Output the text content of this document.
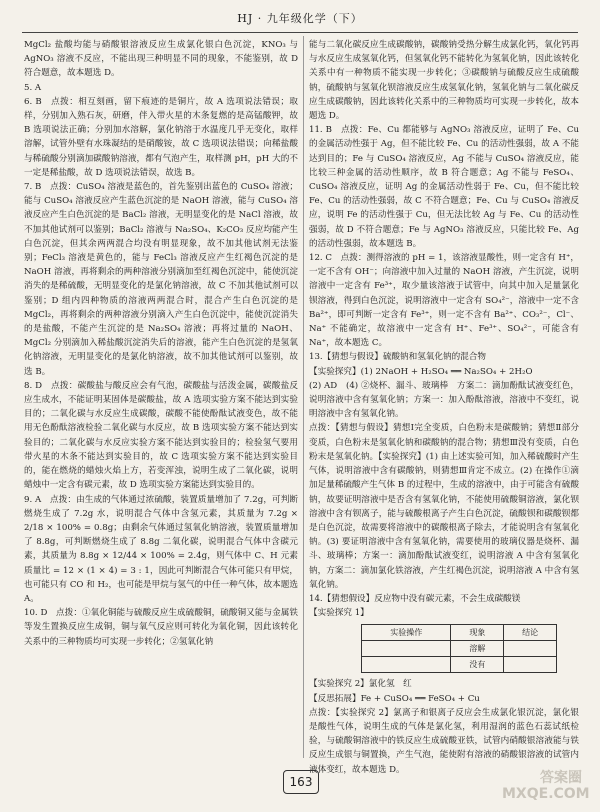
HJ · 九年级化学（下）

MgCl₂ 盐酸均能与硝酸银溶液反应生成氯化银白色沉淀，KNO₃ 与 AgNO₃ 溶液不反应，不能出现三种明显不同的现象，不能鉴别，故 D 符合题意，故本题选 D。

5. A

6. B　点拨：相互刻画，留下痕迹的是铜片，故 A 选项说法错误；取样，分别加入熟石灰，研磨，伴入带火星的木条复燃的是高锰酸钾，故 B 选项说法正确；分别加水溶解，氯化钠溶于水温度几乎无变化，取样溶解，试管外壁有水珠凝结的是硝酸铵，故 C 选项说法错误；向稀盐酸与稀硫酸分别滴加碳酸钠溶液，都有气泡产生，取样测 pH，pH 大的不一定是稀盐酸，故 D 选项说法错误，故选 B。

7. B　点拨：CuSO₄ 溶液是蓝色的，首先鉴别出蓝色的 CuSO₄ 溶液；能与 CuSO₄ 溶液反应产生蓝色沉淀的是 NaOH 溶液，能与 CuSO₄ 溶液反应产生白色沉淀的是 BaCl₂ 溶液，无明显变化的是 NaCl 溶液，故不加其他试剂可以鉴别；BaCl₂ 溶液与 Na₂SO₄、K₂CO₃ 反应均能产生白色沉淀，但其余两两混合均没有明显现象，故不加其他试剂无法鉴别；FeCl₃ 溶液是黄色的，能与 FeCl₃ 溶液反应产生红褐色沉淀的是 NaOH 溶液，再将剩余的两种溶液分别滴加至红褐色沉淀中，能使沉淀消失的是稀硫酸，无明显变化的是氯化钠溶液，故 C 不加其他试剂可以鉴别；D 组内四种物质的溶液两两混合时，混合产生白色沉淀的是 MgCl₂，再将剩余的两种溶液分别滴入产生白色沉淀中，能使沉淀消失的是盐酸，不能产生沉淀的是 Na₂SO₄ 溶液；再将过量的 NaOH、MgCl₂ 分别滴加入稀盐酸沉淀消失后的溶液，能产生白色沉淀的是氢氧化钠溶液，无明显变化的是氯化钠溶液，故不加其他试剂可以鉴别，故选 B。

8. D　点拨：碳酸盐与酸反应会有气泡，碳酸盐与活泼金属，碳酸盐反应生成水，不能证明某固体是碳酸盐，故 A 选项实验方案不能达到实验目的；二氧化碳与水反应生成碳酸，碳酸不能使酚酞试液变色，故不能用无色酚酞溶液检验二氧化碳与水反应，故 B 选项实验方案不能达到实验目的；二氧化碳与水反应实验方案不能达到实验目的；检验氢气要用带火星的木条不能达到实验目的，故 C 选项实验方案不能达到实验目的，能在燃烧的蜡烛火焰上方，若变浑浊，说明生成了二氧化碳，说明蜡烛中一定含有碳元素，故 D 选项实验方案能达到实验目的。

9. A　点拨：由生成的气体通过浓硫酸，装置质量增加了 7.2g，可判断燃烧生成了 7.2g 水，说明混合气体中含氢元素，其质量为 7.2g × 2/18 × 100% = 0.8g；由剩余气体通过氢氧化钠溶液，装置质量增加了 8.8g，可判断燃烧生成了 8.8g 二氧化碳，说明混合气体中含碳元素，其质量为 8.8g × 12/44 × 100% = 2.4g，则气体中 C、H 元素质量比 = 12 × (1 × 4) = 3 : 1，因此可判断混合气体可能只有甲烷，也可能只有 CO 和 H₂，也可能是甲烷与氢气的中任一种气体，故本题选 A。

10. D　点拨：①氧化铜能与硫酸反应生成硫酸铜，硫酸铜又能与金属铁等发生置换反应生成铜，铜与氧气反应则可转化为氧化铜，因此该转化关系中的三种物质均可实现一步转化；②氢氧化钠

能与二氧化碳反应生成碳酸钠，碳酸钠受热分解生成氯化钙，氧化钙再与水反应生成氢氧化钙，但氢氧化钙不能转化为氢氧化钠，因此该转化关系中有一种物质不能实现一步转化；③碳酸钠与硫酸反应生成硫酸钠，硫酸钠与氢氧化钡溶液反应生成氢氧化钠，氢氧化钠与二氧化碳反应生成碳酸钠，因此该转化关系中的三种物质均可实现一步转化，故本题选 D。

11. B　点拨：Fe、Cu 都能够与 AgNO₃ 溶液反应，证明了 Fe、Cu 的金属活动性强于 Ag，但不能比较 Fe、Cu 的活动性强弱，故 A 不能达到目的；Fe 与 CuSO₄ 溶液反应，Ag 不能与 CuSO₄ 溶液反应，能比较三种金属的活动性顺序，故 B 符合题意；Ag 不能与 FeSO₄、CuSO₄ 溶液反应，证明 Ag 的金属活动性弱于 Fe、Cu，但不能比较 Fe、Cu 的活动性强弱，故 C 不符合题意；Fe、Cu 与 CuSO₄ 溶液反应，说明 Fe 的活动性强于 Cu，但无法比较 Ag 与 Fe、Cu 的活动性强弱，故 D 不符合题意；Fe 与 AgNO₃ 溶液反应，只能比较 Fe、Ag 的活动性强弱，故本题选 B。

12. C　点拨：测得溶液的 pH = 1，该溶液显酸性，则一定含有 H⁺，一定不含有 OH⁻；向溶液中加入过量的 NaOH 溶液，产生沉淀，说明溶液中一定含有 Fe³⁺，取少量该溶液于试管中，向其中加入足量氯化钡溶液，得到白色沉淀，说明溶液中一定含有 SO₄²⁻，溶液中一定不含 Ba²⁺，即可判断一定含有 Fe³⁺，则一定不含有 Ba²⁺、CO₃²⁻，Cl⁻、Na⁺ 不能确定，故溶液中一定含有 H⁺、Fe³⁺、SO₄²⁻，可能含有 Na⁺，故本题选 C。

13.【猜想与假设】硫酸钠和氢氧化钠的混合物

【实验探究】(1) 2NaOH + H₂SO₄ ══ Na₂SO₄ + 2H₂O

(2) AD　(4) ②烧杯、漏斗、玻璃棒　方案二：滴加酚酞试液变红色，说明溶液中含有氢氧化钠；方案一：加入酚酞溶液，溶液中不变红，说明溶液中含有氢氧化钠。

点拨：【猜想与假设】猜想Ⅰ完全变质，白色粉末是碳酸钠；猜想Ⅱ部分变质，白色粉末是氢氧化钠和碳酸钠的混合物；猜想Ⅲ没有变质，白色粉末是氢氧化钠。【实验探究】(1) 由上述实验可知，加入稀硫酸时产生气体，说明溶液中含有碳酸钠，则猜想Ⅲ肯定不成立。(2) 在操作①滴加足量稀硫酸产生气体 B 的过程中，生成的溶液中，由于可能含有硫酸钠，故要证明溶液中是否含有氢氧化钠，不能使用硫酸铜溶液，氯化钡溶液中含有钡离子，能与硫酸根离子产生白色沉淀，硫酸钡和碳酸钡都是白色沉淀，故需要将溶液中的碳酸根离子除去，才能说明含有氢氧化钠。(3) 要证明溶液中含有氢氧化钠，需要使用的玻璃仪器是烧杯、漏斗、玻璃棒；方案一：滴加酚酞试液变红，说明溶液 A 中含有氢氧化钠，方案二：滴加氯化铁溶液，产生红褐色沉淀，说明溶液 A 中含有氢氧化钠。

14.【猜想假设】反应物中没有碳元素，不会生成碳酸镁

【实验探究 1】

实验操作	现象	结论
	溶解	
	没有	

【实验探究 2】氯化氢　红

【反思拓展】Fe + CuSO₄ ══ FeSO₄ + Cu

点拨：【实验探究 2】氯离子和银离子反应会生成氯化银沉淀，氯化银是酸性气体，说明生成的气体是氯化氢，利用湿润的蓝色石蕊试纸检验，与硫酸铜溶液中的铁反应生成硫酸亚铁，试管内硝酸银溶液能与铁反应生成银与铜置换，产生气泡，能使附有溶液的硝酸银溶液的试管内液体变红，故本题选 D。

163	答案圈 MXQE.COM
